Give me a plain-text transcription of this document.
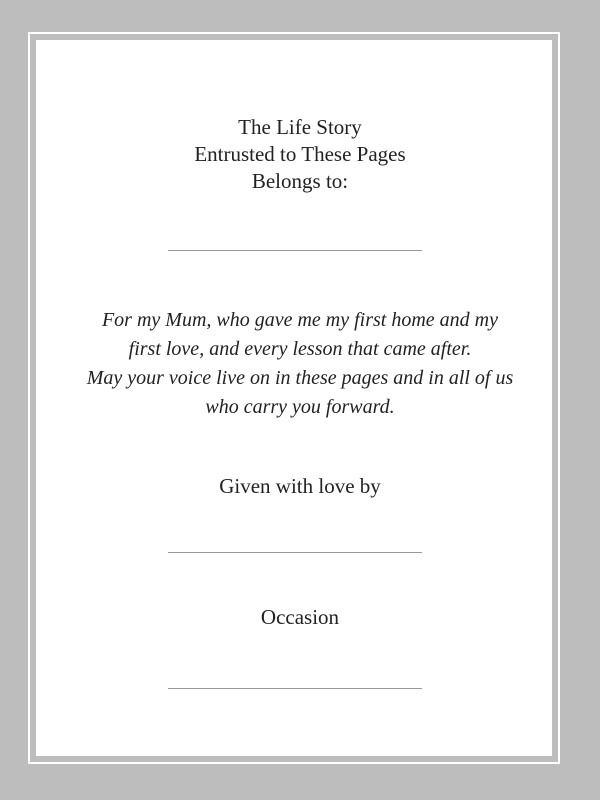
The Life Story
Entrusted to These Pages
Belongs to:
For my Mum, who gave me my first home and my
first love, and every lesson that came after.
May your voice live on in these pages and in all of us
who carry you forward.
Given with love by
Occasion
